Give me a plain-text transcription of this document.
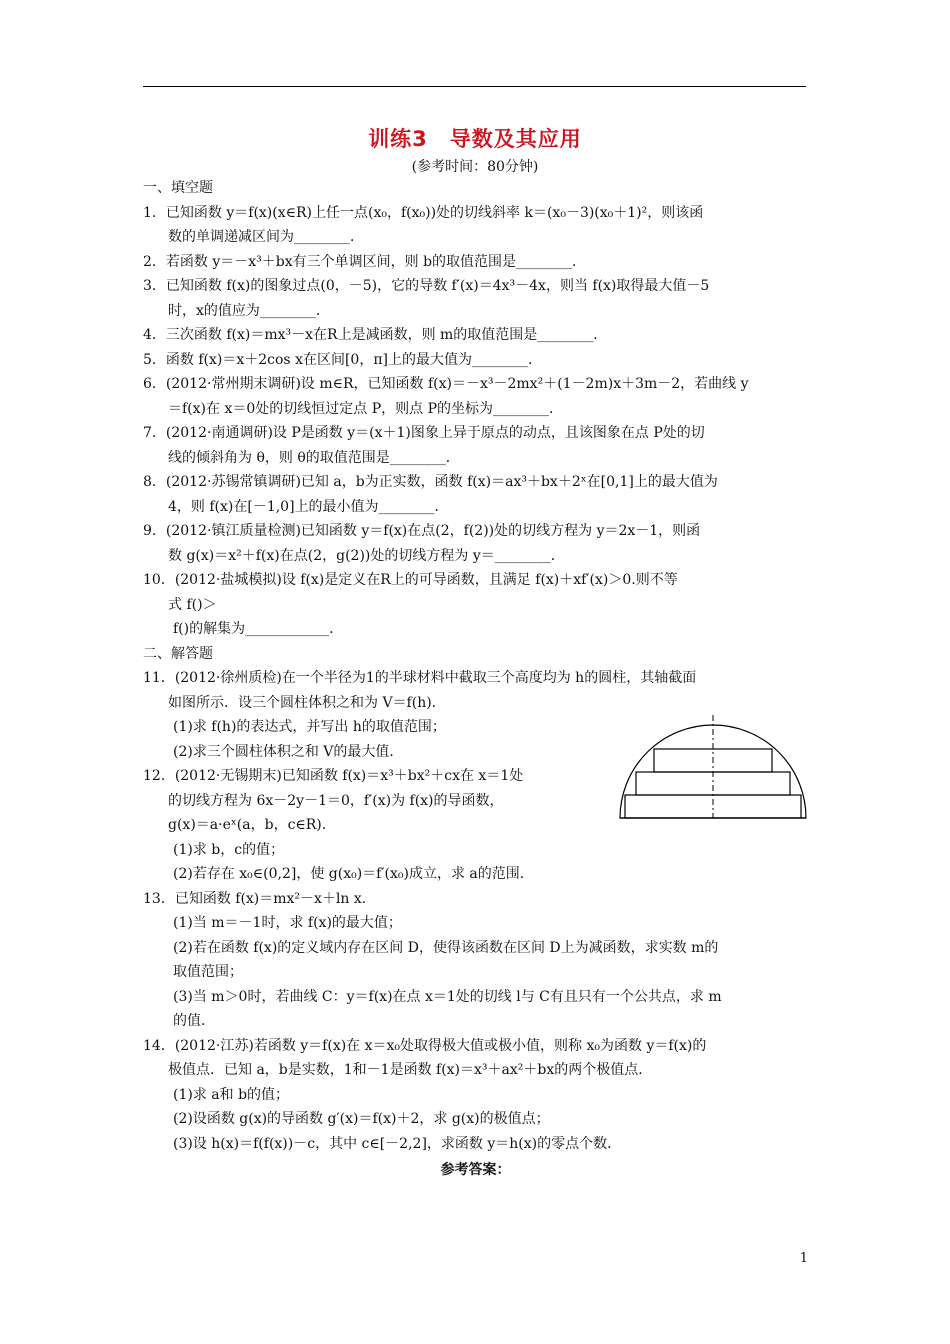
训练3　导数及其应用
(参考时间：80分钟)
一、填空题
1．已知函数 y＝f(x)(x∈R)上任一点(x₀，f(x₀))处的切线斜率 k＝(x₀－3)(x₀＋1)²，则该函
数的单调递减区间为________．
2．若函数 y＝－x³＋bx有三个单调区间，则 b的取值范围是________．
3．已知函数 f(x)的图象过点(0，－5)，它的导数 f′(x)＝4x³－4x，则当 f(x)取得最大值－5
时，x的值应为________．
4．三次函数 f(x)＝mx³－x在R上是减函数，则 m的取值范围是________．
5．函数 f(x)＝x＋2cos x在区间[0，π]上的最大值为________．
6．(2012·常州期末调研)设 m∈R，已知函数 f(x)＝－x³－2mx²＋(1－2m)x＋3m－2，若曲线 y
＝f(x)在 x＝0处的切线恒过定点 P，则点 P的坐标为________．
7．(2012·南通调研)设 P是函数 y＝(x＋1)图象上异于原点的动点，且该图象在点 P处的切
线的倾斜角为 θ，则 θ的取值范围是________．
8．(2012·苏锡常镇调研)已知 a，b为正实数，函数 f(x)＝ax³＋bx＋2ˣ在[0,1]上的最大值为
4，则 f(x)在[－1,0]上的最小值为________．
9．(2012·镇江质量检测)已知函数 y＝f(x)在点(2，f(2))处的切线方程为 y＝2x－1，则函
数 g(x)＝x²＋f(x)在点(2，g(2))处的切线方程为 y＝________．
10．(2012·盐城模拟)设 f(x)是定义在R上的可导函数，且满足 f(x)＋xf′(x)＞0.则不等
式 f()＞
f()的解集为____________．
二、解答题
11．(2012·徐州质检)在一个半径为1的半球材料中截取三个高度均为 h的圆柱，其轴截面
如图所示．设三个圆柱体积之和为 V＝f(h)．
(1)求 f(h)的表达式，并写出 h的取值范围；
(2)求三个圆柱体积之和 V的最大值．
12．(2012·无锡期末)已知函数 f(x)＝x³＋bx²＋cx在 x＝1处
的切线方程为 6x－2y－1＝0，f′(x)为 f(x)的导函数，
g(x)＝a·eˣ(a，b，c∈R)．
(1)求 b，c的值；
(2)若存在 x₀∈(0,2]，使 g(x₀)＝f′(x₀)成立，求 a的范围．
13．已知函数 f(x)＝mx²－x＋ln x.
(1)当 m＝－1时，求 f(x)的最大值；
(2)若在函数 f(x)的定义域内存在区间 D，使得该函数在区间 D上为减函数，求实数 m的
取值范围；
(3)当 m＞0时，若曲线 C：y＝f(x)在点 x＝1处的切线 l与 C有且只有一个公共点，求 m
的值．
14．(2012·江苏)若函数 y＝f(x)在 x＝x₀处取得极大值或极小值，则称 x₀为函数 y＝f(x)的
极值点．已知 a，b是实数，1和－1是函数 f(x)＝x³＋ax²＋bx的两个极值点．
(1)求 a和 b的值；
(2)设函数 g(x)的导函数 g′(x)＝f(x)＋2，求 g(x)的极值点；
(3)设 h(x)＝f(f(x))－c，其中 c∈[－2,2]，求函数 y＝h(x)的零点个数．
参考答案：
1
